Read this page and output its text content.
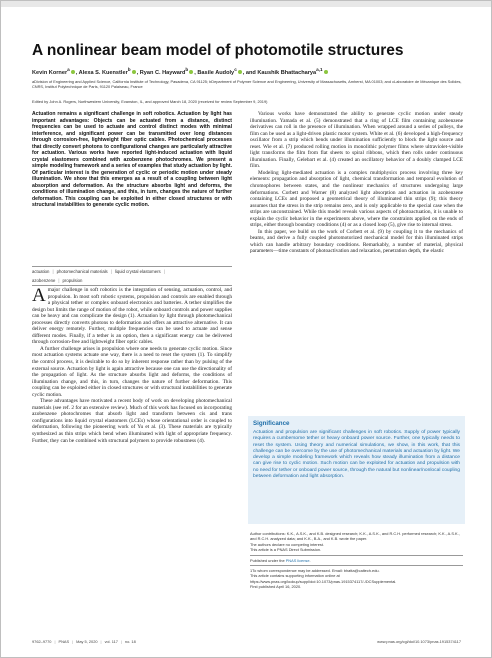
A nonlinear beam model of photomotile structures
Kevin Korner$^a$, Alexa S. Kuenstler$^b$, Ryan C. Hayward$^b$, Basile Audoly$^c$, and Kaushik Bhattacharya$^{a,1}$
aDivision of Engineering and Applied Science, California Institute of Technology, Pasadena, CA 91125; bDepartment of Polymer Science and Engineering, University of Massachusetts, Amherst, MA 01003; and cLaboratoire de Mécanique des Solides, CNRS, Institut Polytechnique de Paris, 91120 Palaiseau, France
Edited by John A. Rogers, Northwestern University, Evanston, IL, and approved March 18, 2020 (received for review September 9, 2019)
Actuation remains a significant challenge in soft robotics. Actuation by light has important advantages: Objects can be actuated from a distance, distinct frequencies can be used to actuate and control distinct modes with minimal interference, and significant power can be transmitted over long distances through corrosion-free, lightweight fiber optic cables. Photochemical processes that directly convert photons to configurational changes are particularly attractive for actuation. Various works have reported light-induced actuation with liquid crystal elastomers combined with azobenzene photochromes. We present a simple modeling framework and a series of examples that study actuation by light. Of particular interest is the generation of cyclic or periodic motion under steady illumination. We show that this emerges as a result of a coupling between light absorption and deformation. As the structure absorbs light and deforms, the conditions of illumination change, and this, in turn, changes the nature of further deformation. This coupling can be exploited in either closed structures or with structural instabilities to generate cyclic motion.
actuation | photomechanical materials | liquid crystal elastomers |
azobenzene | propulsion

Amajor challenge in soft robotics is the integration of sensing, actuation, control, and propulsion. In most soft robotic systems, propulsion and controls are enabled through a physical tether or complex onboard electronics and batteries. A tether simplifies the design but limits the range of motion of the robot, while onboard controls and power supplies can be heavy and can complicate the design (1). Actuation by light through photomechanical processes directly converts photons to deformation and offers an attractive alternative. It can deliver energy remotely. Further, multiple frequencies can be used to actuate and sense different modes. Finally, if a tether is an option, then a significant energy can be delivered through corrosion-free and lightweight fiber optic cables.

A further challenge arises in propulsion where one needs to generate cyclic motion. Since most actuation systems actuate one way, there is a need to reset the system (1). To simplify the control process, it is desirable to do so by inherent response rather than by pulsing of the external source. Actuation by light is again attractive because one can use the directionality of the propagation of light. As the structure absorbs light and deforms, the conditions of illumination change, and this, in turn, changes the nature of further deformation. This coupling can be exploited either in closed structures or with structural instabilities to generate cyclic motion.

These advantages have motivated a recent body of work on developing photomechanical materials (see ref. 2 for an extensive review). Much of this work has focused on incorporating azobenzene photochromes that absorb light and transform between cis and trans configurations into liquid crystal elastomers (LCEs) whose orientational order is coupled to deformation, following the pioneering work of Yu et al. (3). These materials are typically synthesized as thin strips which bend when illuminated with light of appropriate frequency. Further, they can be combined with structural polymers to provide robustness (4).

Various works have demonstrated the ability to generate cyclic motion under steady illumination. Yamada et al. (5) demonstrated that a ring of LCE film containing azobenzene derivatives can roll in the presence of illumination. When wrapped around a series of pulleys, the film can be used as a light-driven plastic motor system. White et al. (6) developed a high-frequency oscillator from a strip which bends under illumination sufficiently to block the light source and reset. Wie et al. (7) produced rolling motion in monolithic polymer films where ultraviolet-visible light transforms the film from flat sheets to spiral ribbons, which then rolls under continuous illumination. Finally, Gelebart et al. (4) created an oscillatory behavior of a doubly clamped LCE film.

Modeling light-mediated actuation is a complex multiphysics process involving three key elements: propagation and absorption of light, chemical transformation and temporal evolution of chromophores between states, and the nonlinear mechanics of structures undergoing large deformations. Corbett and Warner (8) analyzed light absorption and actuation in azobenzene containing LCEs and proposed a geometrical theory of illuminated thin strips (9); this theory assumes that the stress in the strip remains zero, and is only applicable to the special case when the strips are unconstrained. While this model reveals various aspects of photoactuation, it is unable to explain the cyclic behavior in the experiments above, where the constraints applied on the ends of strips, either through boundary conditions (4) or as a closed loop (5), give rise to internal stress.

In this paper, we build on the work of Corbett et al. (9) by coupling it to the mechanics of beams, and derive a fully coupled photomotorized mechanical model for thin illuminated strips which can handle arbitrary boundary conditions. Remarkably, a number of material, physical parameters—time constants of photoactivation and relaxation, penetration depth, the elastic

Significance
Actuation and propulsion are significant challenges in soft robotics. Supply of power typically requires a cumbersome tether or heavy onboard power source. Further, one typically needs to reset the system. Using theory and numerical simulations, we show, in this work, that this challenge can be overcome by the use of photomechanical materials and actuation by light. We develop a simple modeling framework which reveals how steady illumination from a distance can give rise to cyclic motion. Such motion can be exploited for actuation and propulsion with no need for tether or onboard power source, through the natural but nonlinear/nonlocal coupling between deformation and light absorption.
Author contributions: K.K., A.S.K., and K.B. designed research; K.K., A.S.K., and R.C.H. performed research; K.K., A.S.K., and R.C.H. analyzed data; and K.K., B.A., and K.B. wrote the paper.
The authors declare no competing interest.
This article is a PNAS Direct Submission.
Published under the PNAS license.
1To whom correspondence may be addressed. Email: bhatta@caltech.edu.
This article contains supporting information online at https://www.pnas.org/lookup/suppl/doi:10.1073/pnas.1915374117/-/DCSupplemental.
First published April 16, 2020.
9762–9770 | PNAS | May 5, 2020 | vol. 117 | no. 18	www.pnas.org/cgi/doi/10.1073/pnas.1915374117
